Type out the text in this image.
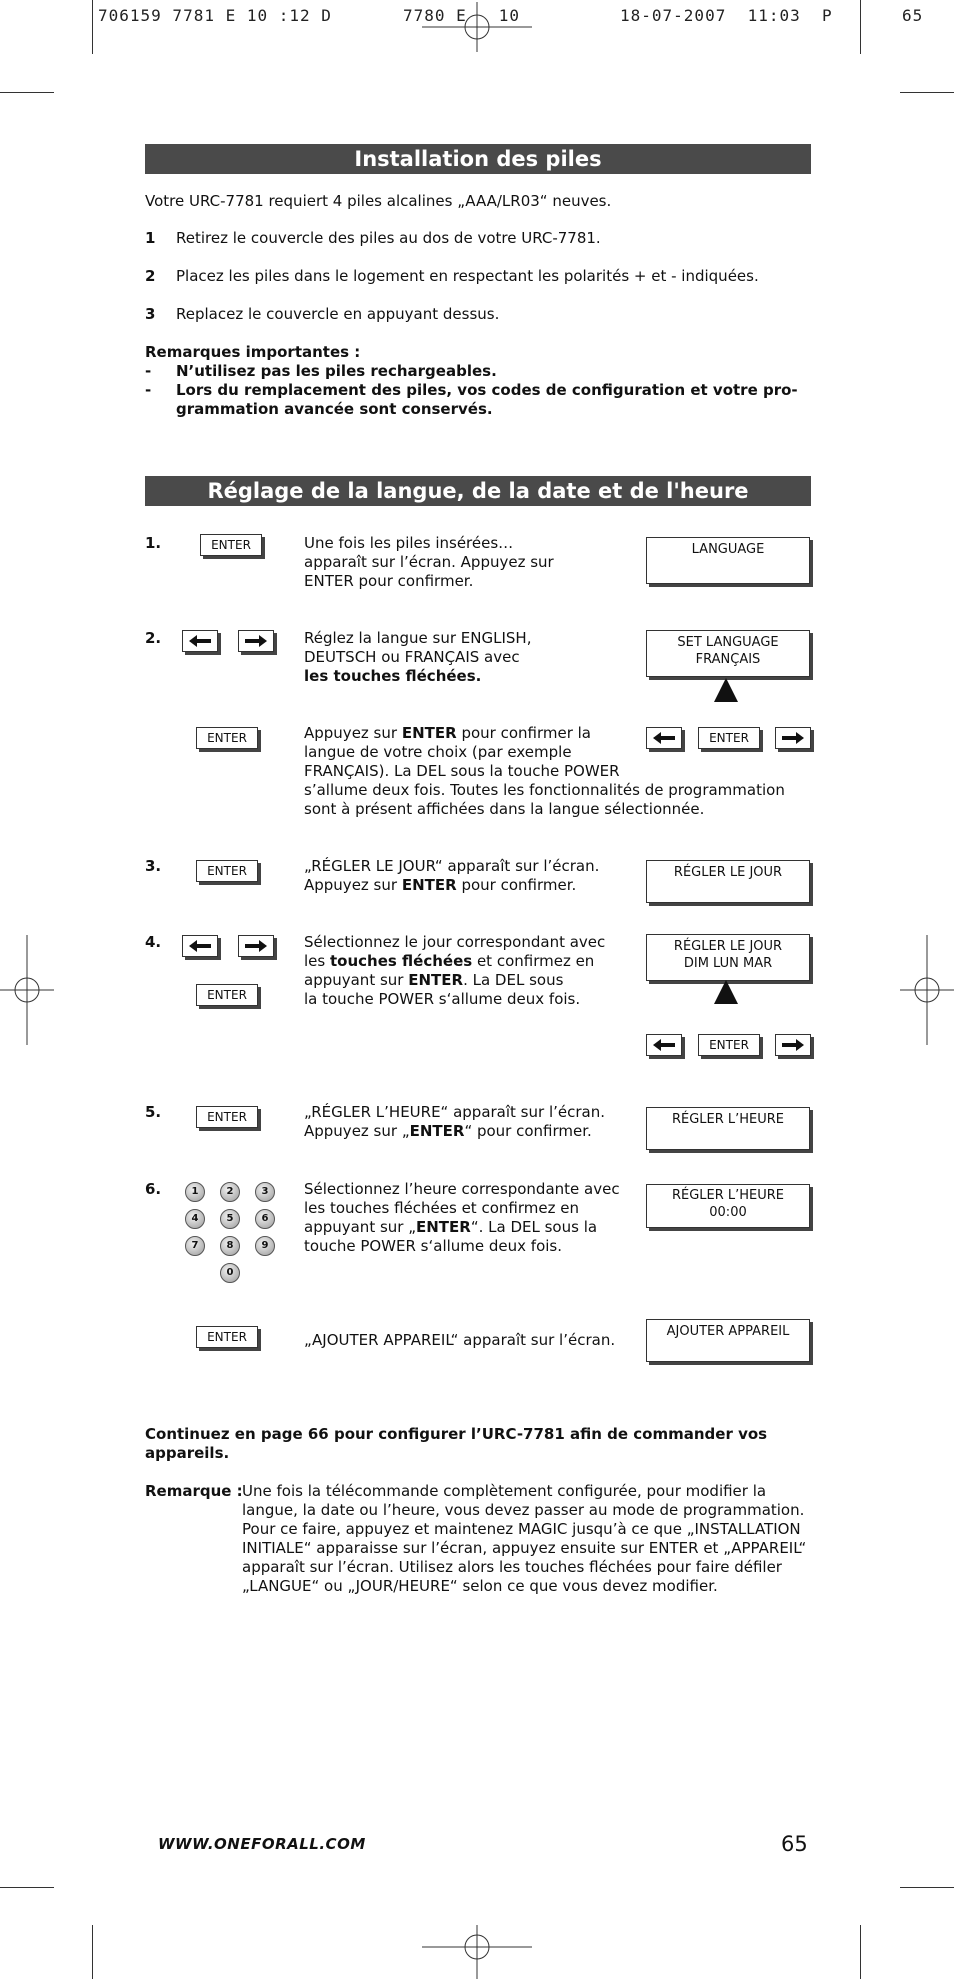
706159 7781 E 10 :12 D	7780 E   10	18-07-2007  11:03  P	65
Installation des piles
Votre URC-7781 requiert 4 piles alcalines „AAA/LR03“ neuves.
1 Retirez le couvercle des piles au dos de votre URC-7781.
2 Placez les piles dans le logement en respectant les polarités + et - indiquées.
3 Replacez le couvercle en appuyant dessus.
Remarques importantes :
- N’utilisez pas les piles rechargeables.
- Lors du remplacement des piles, vos codes de configuration et votre pro-
grammation avancée sont conservés.
Réglage de la langue, de la date et de l'heure
1.	ENTER	Une fois les piles insérées…
apparaît sur l’écran. Appuyez sur
ENTER pour confirmer.
LANGUAGE
2.	Réglez la langue sur ENGLISH,
DEUTSCH ou FRANÇAIS avec
les touches fléchées.
SET LANGUAGE
FRANÇAIS
ENTER	Appuyez sur ENTER pour confirmer la
langue de votre choix (par exemple
FRANÇAIS). La DEL sous la touche POWER
s’allume deux fois. Toutes les fonctionnalités de programmation
sont à présent affichées dans la langue sélectionnée.
ENTER
3.	ENTER	„RÉGLER LE JOUR“ apparaît sur l’écran.
Appuyez sur ENTER pour confirmer.
RÉGLER LE JOUR
4.
ENTER
Sélectionnez le jour correspondant avec
les touches fléchées et confirmez en
appuyant sur ENTER. La DEL sous
la touche POWER s‘allume deux fois.
RÉGLER LE JOUR
DIM LUN MAR
ENTER
5.	ENTER	„RÉGLER L’HEURE“ apparaît sur l’écran.
Appuyez sur „ENTER“ pour confirmer.
RÉGLER L’HEURE
6.	1	2	3
4	5	6
7	8	9
0
Sélectionnez l’heure correspondante avec
les touches fléchées et confirmez en
appuyant sur „ENTER“. La DEL sous la
touche POWER s‘allume deux fois.
RÉGLER L’HEURE
00:00
ENTER	„AJOUTER APPAREIL“ apparaît sur l’écran.	AJOUTER APPAREIL
Continuez en page 66 pour configurer l’URC-7781 afin de commander vos
appareils.
Remarque : Une fois la télécommande complètement configurée, pour modifier la
langue, la date ou l’heure, vous devez passer au mode de programmation.
Pour ce faire, appuyez et maintenez MAGIC jusqu’à ce que „INSTALLATION
INITIALE“ apparaisse sur l’écran, appuyez ensuite sur ENTER et „APPAREIL“
apparaît sur l’écran. Utilisez alors les touches fléchées pour faire défiler
„LANGUE“ ou „JOUR/HEURE“ selon ce que vous devez modifier.
WWW.ONEFORALL.COM	65
